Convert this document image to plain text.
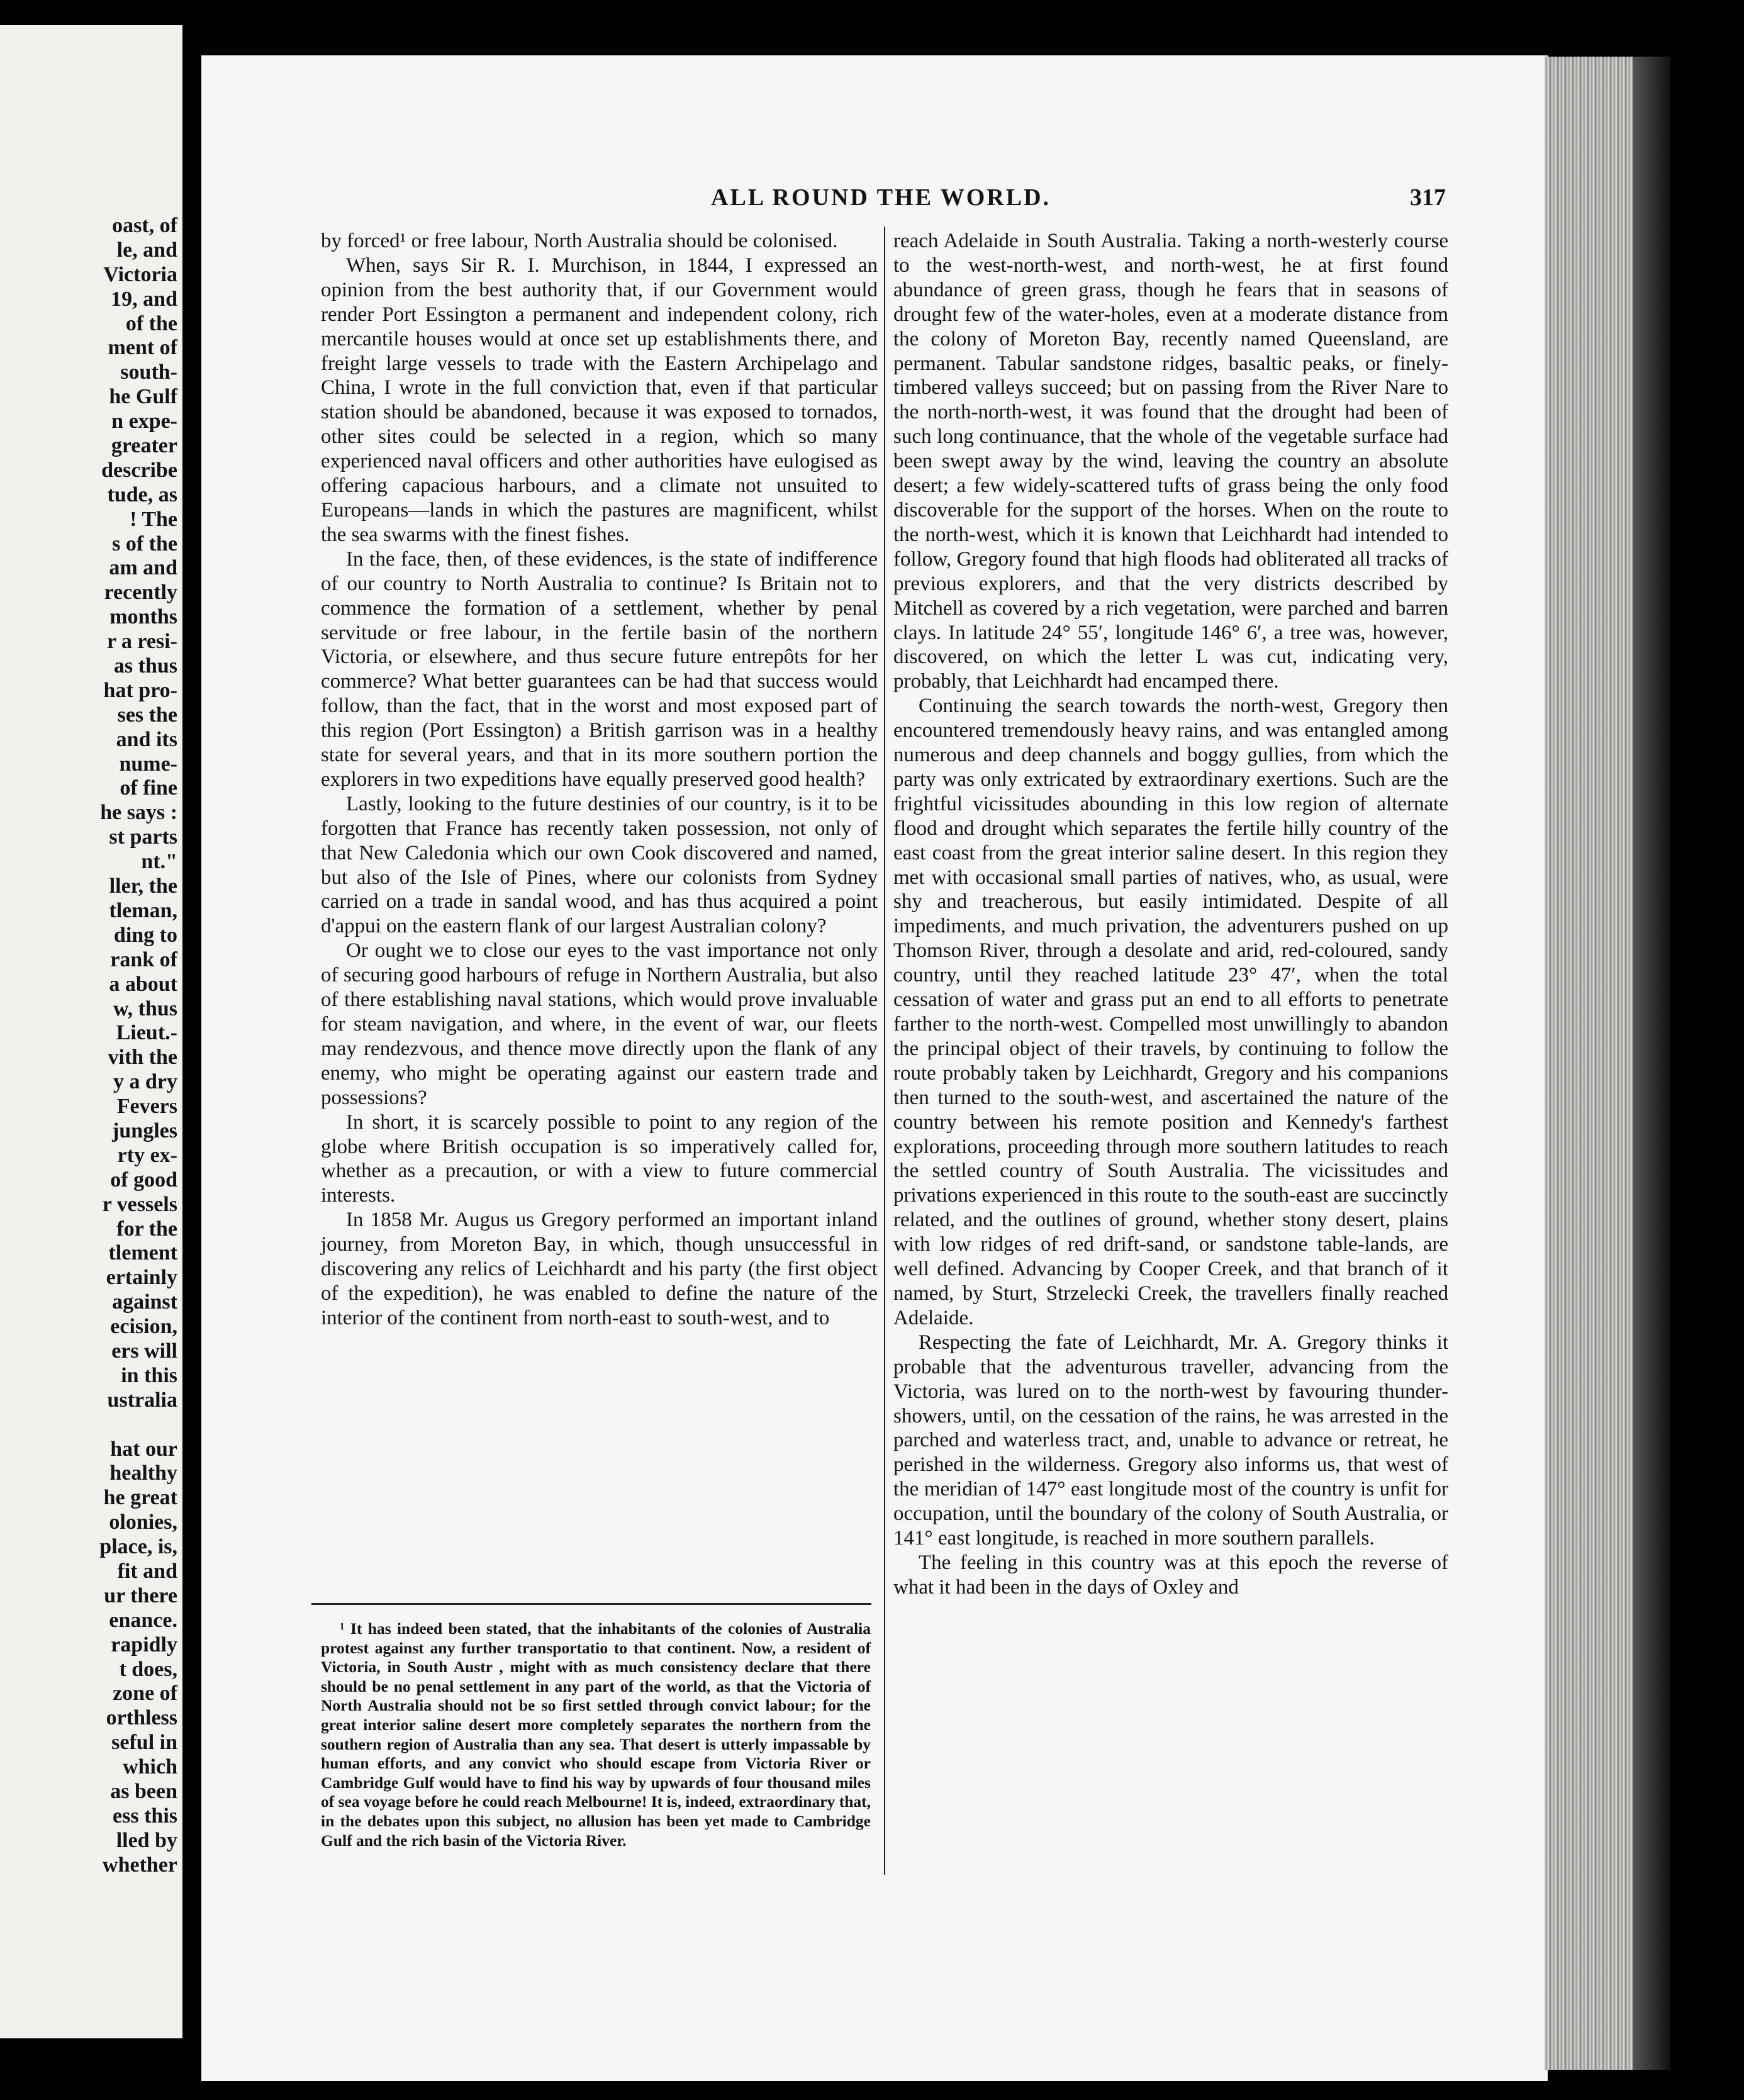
oast, of
le, and
Victoria
19, and
of the
ment of
south-
he Gulf
n expe-
greater
describe
tude, as
! The
s of the
am and
recently
months
r a resi-
as thus
hat pro-
ses the
and its
nume-
of fine
he says :
st parts
nt."
ller, the
tleman,
ding to
rank of
a about
w, thus
Lieut.-
vith the
y a dry
Fevers
jungles
rty ex-
of good
r vessels
for the
tlement
ertainly
against
ecision,
ers will
in this
ustralia
hat our
healthy
he great
olonies,
place, is,
fit and
ur there
enance.
rapidly
t does,
zone of
orthless
seful in
which
as been
ess this
lled by
whether
ALL ROUND THE WORLD.	317

by forced¹ or free labour, North Australia should be colonised.

When, says Sir R. I. Murchison, in 1844, I expressed an opinion from the best authority that, if our Government would render Port Essington a permanent and independent colony, rich mercantile houses would at once set up establishments there, and freight large vessels to trade with the Eastern Archipelago and China, I wrote in the full conviction that, even if that particular station should be abandoned, because it was exposed to tornados, other sites could be selected in a region, which so many experienced naval officers and other authorities have eulogised as offering capacious harbours, and a climate not unsuited to Europeans—lands in which the pastures are magnificent, whilst the sea swarms with the finest fishes.

In the face, then, of these evidences, is the state of indifference of our country to North Australia to continue? Is Britain not to commence the formation of a settlement, whether by penal servitude or free labour, in the fertile basin of the northern Victoria, or elsewhere, and thus secure future entrepôts for her commerce? What better guarantees can be had that success would follow, than the fact, that in the worst and most exposed part of this region (Port Essington) a British garrison was in a healthy state for several years, and that in its more southern portion the explorers in two expeditions have equally preserved good health?

Lastly, looking to the future destinies of our country, is it to be forgotten that France has recently taken possession, not only of that New Caledonia which our own Cook discovered and named, but also of the Isle of Pines, where our colonists from Sydney carried on a trade in sandal wood, and has thus acquired a point d'appui on the eastern flank of our largest Australian colony?

Or ought we to close our eyes to the vast importance not only of securing good harbours of refuge in Northern Australia, but also of there establishing naval stations, which would prove invaluable for steam navigation, and where, in the event of war, our fleets may rendezvous, and thence move directly upon the flank of any enemy, who might be operating against our eastern trade and possessions?

In short, it is scarcely possible to point to any region of the globe where British occupation is so imperatively called for, whether as a precaution, or with a view to future commercial interests.

In 1858 Mr. Augus us Gregory performed an important inland journey, from Moreton Bay, in which, though unsuccessful in discovering any relics of Leichhardt and his party (the first object of the expedition), he was enabled to define the nature of the interior of the continent from north-east to south-west, and to

¹ It has indeed been stated, that the inhabitants of the colonies of Australia protest against any further transportatio to that continent. Now, a resident of Victoria, in South Austr , might with as much consistency declare that there should be no penal settlement in any part of the world, as that the Victoria of North Australia should not be so first settled through convict labour; for the great interior saline desert more completely separates the northern from the southern region of Australia than any sea. That desert is utterly impassable by human efforts, and any convict who should escape from Victoria River or Cambridge Gulf would have to find his way by upwards of four thousand miles of sea voyage before he could reach Melbourne! It is, indeed, extraordinary that, in the debates upon this subject, no allusion has been yet made to Cambridge Gulf and the rich basin of the Victoria River.

reach Adelaide in South Australia. Taking a north-westerly course to the west-north-west, and north-west, he at first found abundance of green grass, though he fears that in seasons of drought few of the water-holes, even at a moderate distance from the colony of Moreton Bay, recently named Queensland, are permanent. Tabular sandstone ridges, basaltic peaks, or finely-timbered valleys succeed; but on passing from the River Nare to the north-north-west, it was found that the drought had been of such long continuance, that the whole of the vegetable surface had been swept away by the wind, leaving the country an absolute desert; a few widely-scattered tufts of grass being the only food discoverable for the support of the horses. When on the route to the north-west, which it is known that Leichhardt had intended to follow, Gregory found that high floods had obliterated all tracks of previous explorers, and that the very districts described by Mitchell as covered by a rich vegetation, were parched and barren clays. In latitude 24° 55′, longitude 146° 6′, a tree was, however, discovered, on which the letter L was cut, indicating very, probably, that Leichhardt had encamped there.

Continuing the search towards the north-west, Gregory then encountered tremendously heavy rains, and was entangled among numerous and deep channels and boggy gullies, from which the party was only extricated by extraordinary exertions. Such are the frightful vicissitudes abounding in this low region of alternate flood and drought which separates the fertile hilly country of the east coast from the great interior saline desert. In this region they met with occasional small parties of natives, who, as usual, were shy and treacherous, but easily intimidated. Despite of all impediments, and much privation, the adventurers pushed on up Thomson River, through a desolate and arid, red-coloured, sandy country, until they reached latitude 23° 47′, when the total cessation of water and grass put an end to all efforts to penetrate farther to the north-west. Compelled most unwillingly to abandon the principal object of their travels, by continuing to follow the route probably taken by Leichhardt, Gregory and his companions then turned to the south-west, and ascertained the nature of the country between his remote position and Kennedy's farthest explorations, proceeding through more southern latitudes to reach the settled country of South Australia. The vicissitudes and privations experienced in this route to the south-east are succinctly related, and the outlines of ground, whether stony desert, plains with low ridges of red drift-sand, or sandstone table-lands, are well defined. Advancing by Cooper Creek, and that branch of it named, by Sturt, Strzelecki Creek, the travellers finally reached Adelaide.

Respecting the fate of Leichhardt, Mr. A. Gregory thinks it probable that the adventurous traveller, advancing from the Victoria, was lured on to the north-west by favouring thunder-showers, until, on the cessation of the rains, he was arrested in the parched and waterless tract, and, unable to advance or retreat, he perished in the wilderness. Gregory also informs us, that west of the meridian of 147° east longitude most of the country is unfit for occupation, until the boundary of the colony of South Australia, or 141° east longitude, is reached in more southern parallels.

The feeling in this country was at this epoch the reverse of what it had been in the days of Oxley and
